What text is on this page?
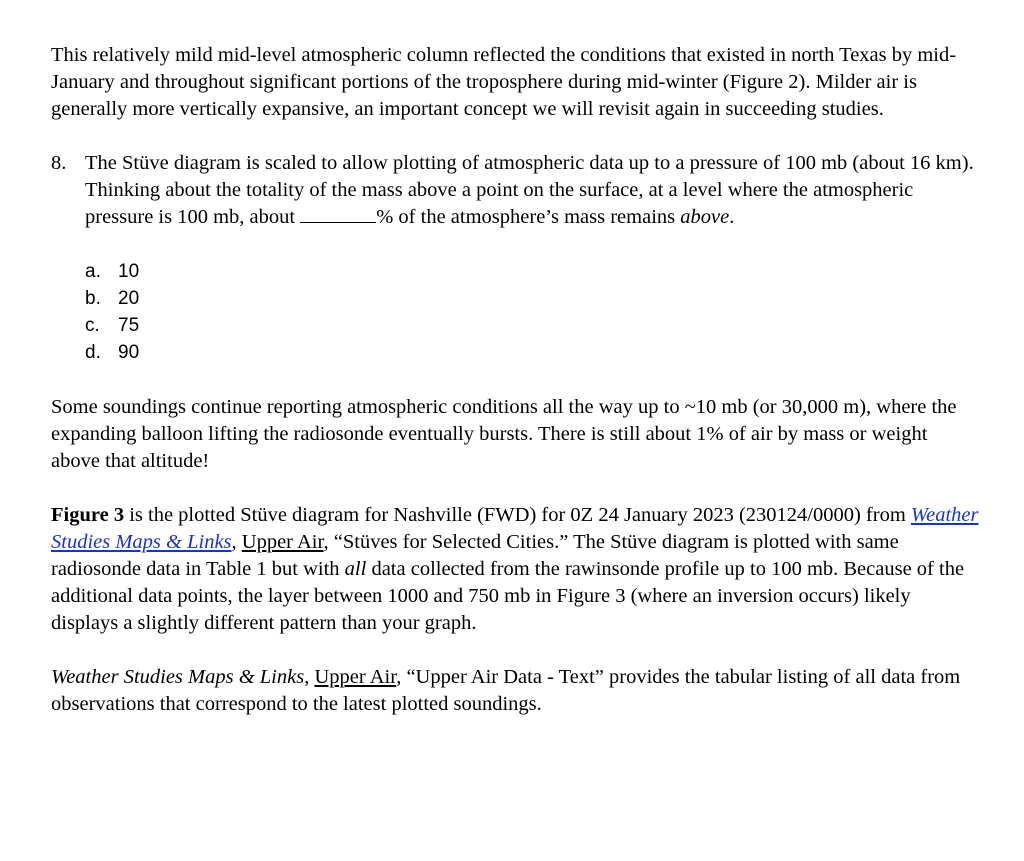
This relatively mild mid-level atmospheric column reflected the conditions that existed in north Texas by mid-January and throughout significant portions of the troposphere during mid-winter (Figure 2). Milder air is generally more vertically expansive, an important concept we will revisit again in succeeding studies.

8. The Stüve diagram is scaled to allow plotting of atmospheric data up to a pressure of 100 mb (about 16 km). Thinking about the totality of the mass above a point on the surface, at a level where the atmospheric pressure is 100 mb, about	% of the atmosphere’s mass remains above.

a. 10
b. 20
c. 75
d. 90

Some soundings continue reporting atmospheric conditions all the way up to ~10 mb (or 30,000 m), where the expanding balloon lifting the radiosonde eventually bursts. There is still about 1% of air by mass or weight above that altitude!

Figure 3 is the plotted Stüve diagram for Nashville (FWD) for 0Z 24 January 2023 (230124/0000) from Weather Studies Maps & Links, Upper Air, “Stüves for Selected Cities.” The Stüve diagram is plotted with same radiosonde data in Table 1 but with all data collected from the rawinsonde profile up to 100 mb. Because of the additional data points, the layer between 1000 and 750 mb in Figure 3 (where an inversion occurs) likely displays a slightly different pattern than your graph.

Weather Studies Maps & Links, Upper Air, “Upper Air Data - Text” provides the tabular listing of all data from observations that correspond to the latest plotted soundings.
